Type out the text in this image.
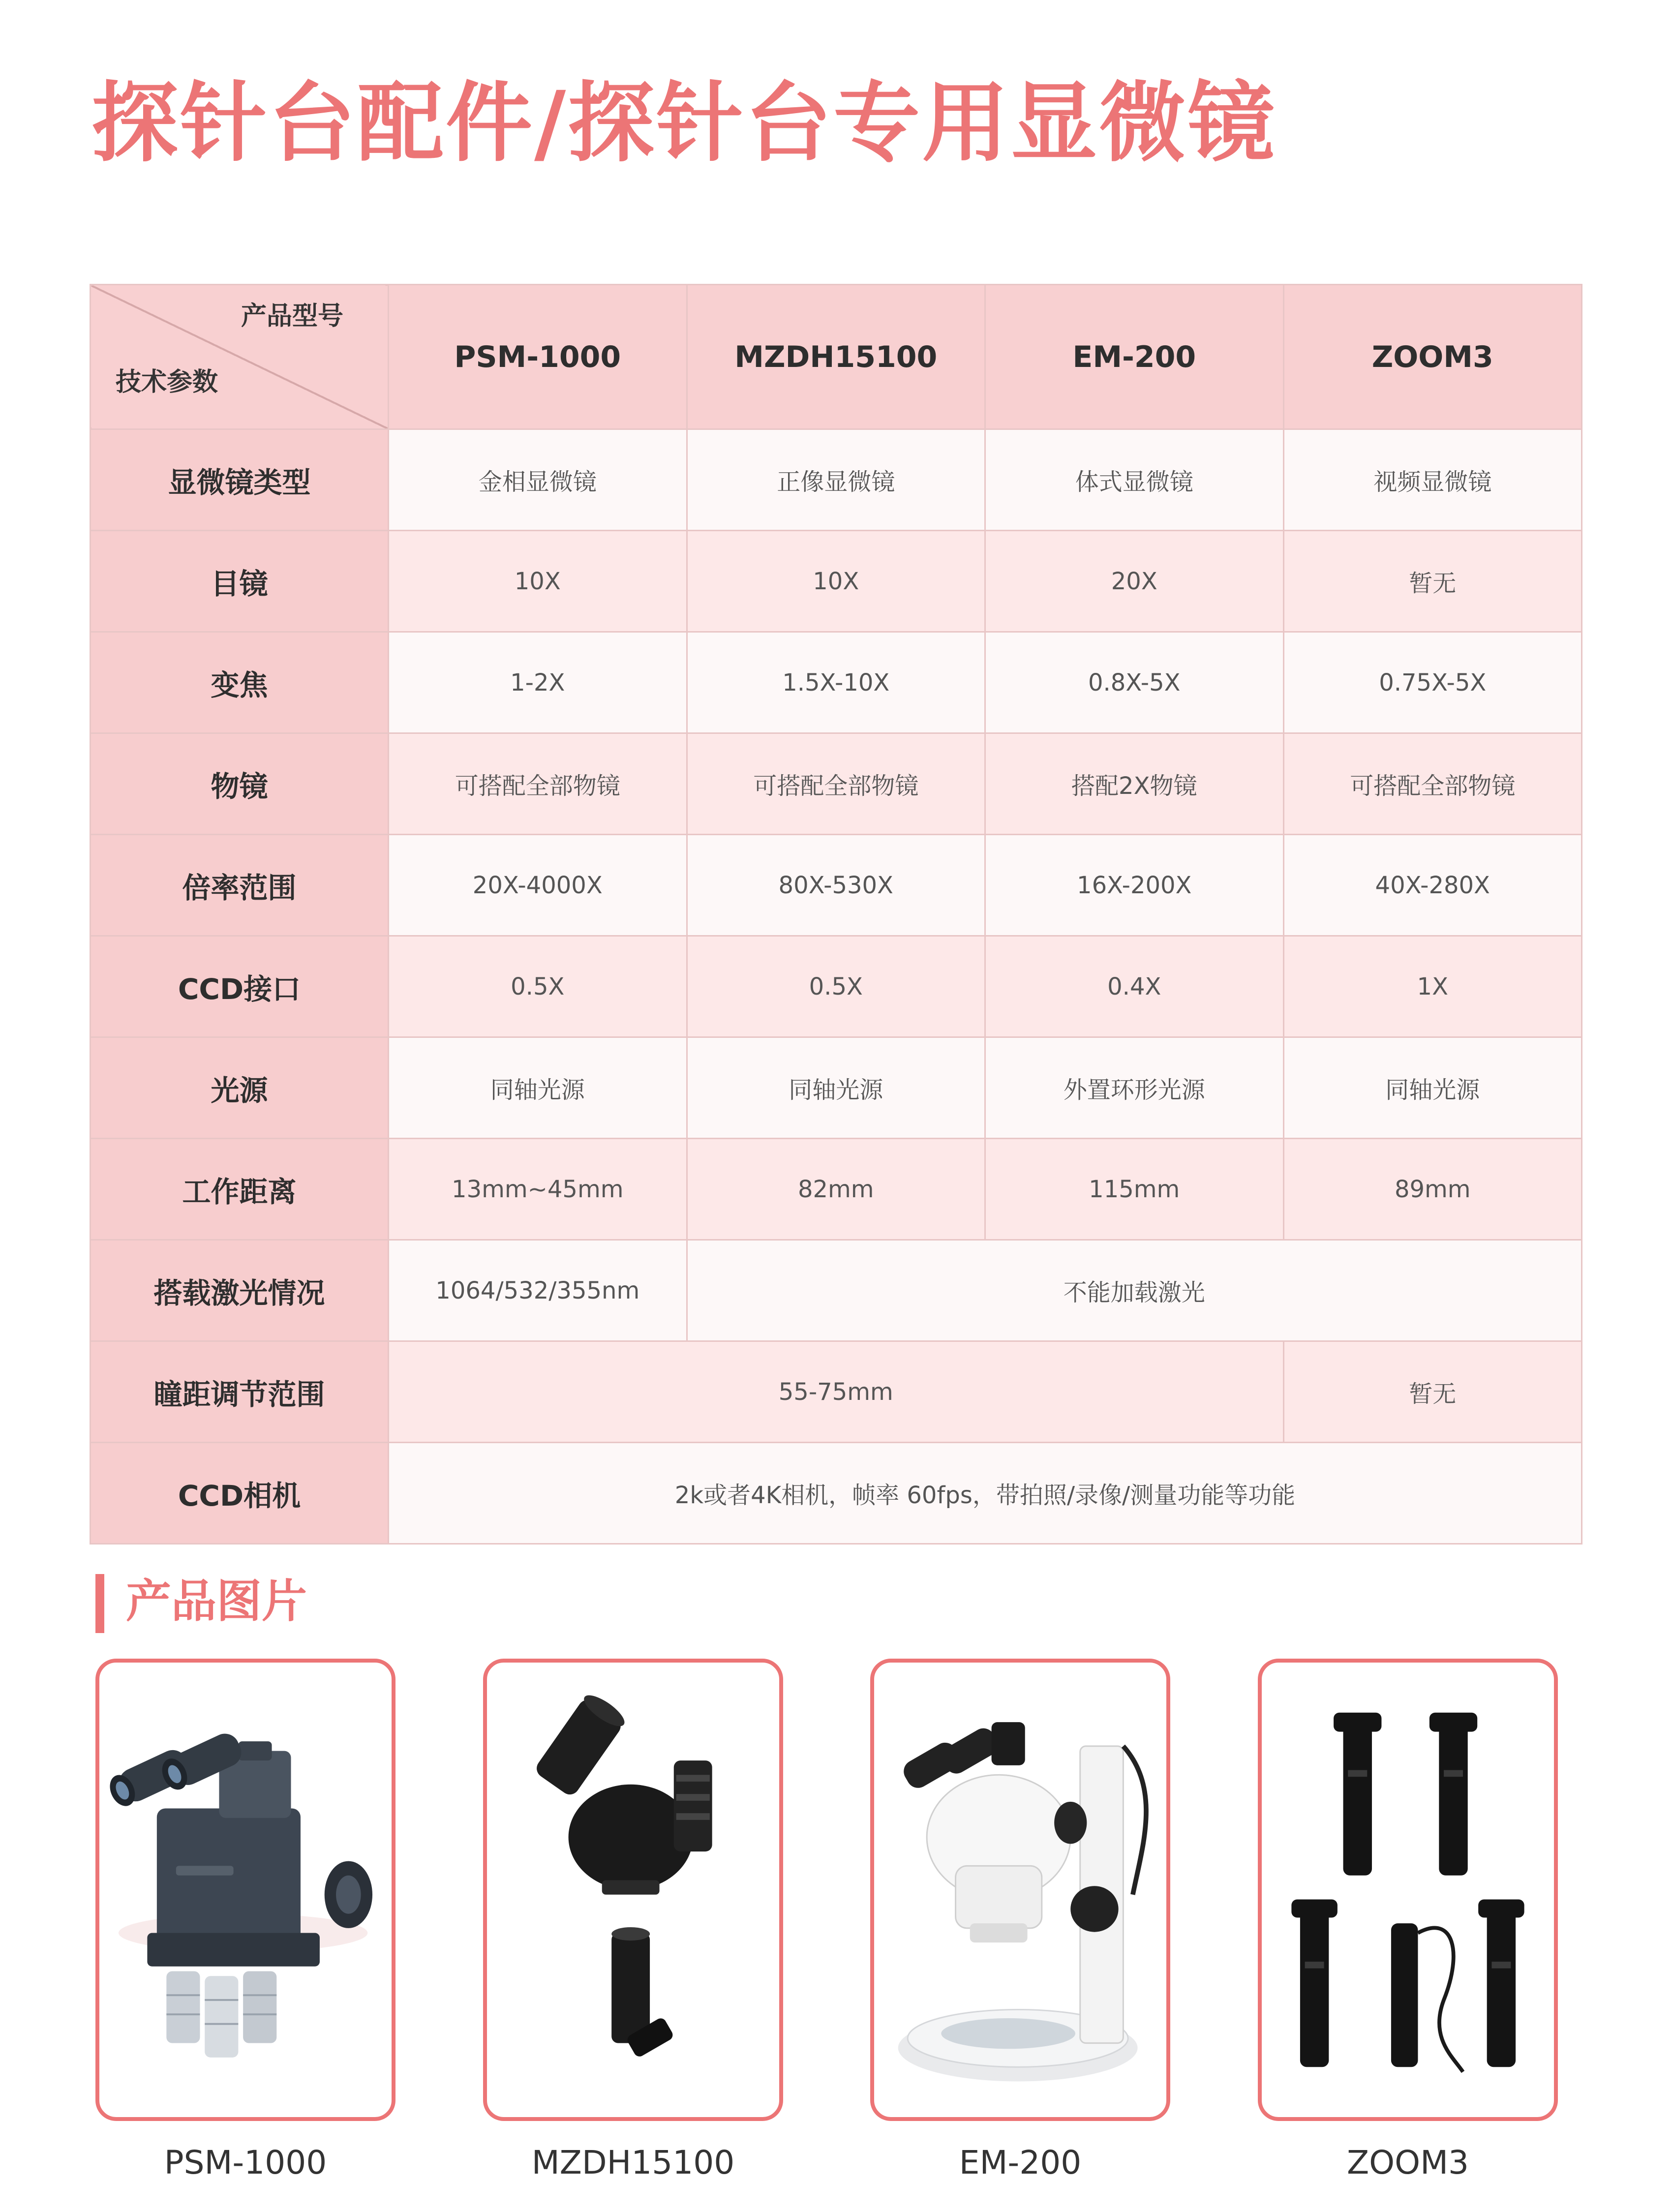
探针台配件/探针台专用显微镜
产品型号
技术参数	PSM-1000	MZDH15100	EM-200	ZOOM3
显微镜类型	金相显微镜	正像显微镜	体式显微镜	视频显微镜
目镜	10X	10X	20X	暂无
变焦	1-2X	1.5X-10X	0.8X-5X	0.75X-5X
物镜	可搭配全部物镜	可搭配全部物镜	搭配2X物镜	可搭配全部物镜
倍率范围	20X-4000X	80X-530X	16X-200X	40X-280X
CCD接口	0.5X	0.5X	0.4X	1X
光源	同轴光源	同轴光源	外置环形光源	同轴光源
工作距离	13mm~45mm	82mm	115mm	89mm
搭载激光情况	1064/532/355nm	不能加载激光		
瞳距调节范围	55-75mm			暂无
CCD相机	2k或者4K相机，帧率 60fps，带拍照/录像/测量功能等功能			
产品图片
PSM-1000	MZDH15100	EM-200	ZOOM3
